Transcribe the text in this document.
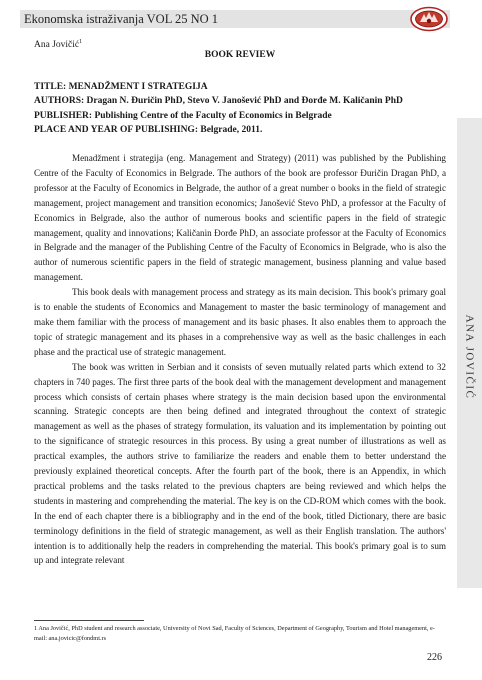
Ekonomska istraživanja VOL 25 NO 1
Ana Jovičić$^1$
BOOK REVIEW
TITLE: MENADŽMENT I STRATEGIJA
AUTHORS: Dragan N. Đuričin PhD, Stevo V. Janošević PhD and Đorđe M. Kaličanin PhD
PUBLISHER: Publishing Centre of the Faculty of Economics in Belgrade
PLACE AND YEAR OF PUBLISHING: Belgrade, 2011.

Menadžment i strategija (eng. Management and Strategy) (2011) was published by the Publishing Centre of the Faculty of Economics in Belgrade. The authors of the book are professor Đuričin Dragan PhD, a professor at the Faculty of Economics in Belgrade, the author of a great number o books in the field of strategic management, project management and transition economics; Janošević Stevo PhD, a professor at the Faculty of Economics in Belgrade, also the author of numerous books and scientific papers in the field of strategic management, quality and innovations; Kaličanin Đorđe PhD, an associate professor at the Faculty of Economics in Belgrade and the manager of the Publishing Centre of the Faculty of Economics in Belgrade, who is also the author of numerous scientific papers in the field of strategic management, business planning and value based management.

This book deals with management process and strategy as its main decision. This book's primary goal is to enable the students of Economics and Management to master the basic terminology of management and make them familiar with the process of management and its basic phases. It also enables them to approach the topic of strategic management and its phases in a comprehensive way as well as the basic challenges in each phase and the practical use of strategic management.

The book was written in Serbian and it consists of seven mutually related parts which extend to 32 chapters in 740 pages. The first three parts of the book deal with the management development and management process which consists of certain phases where strategy is the main decision based upon the environmental scanning. Strategic concepts are then being defined and integrated throughout the context of strategic management as well as the phases of strategy formulation, its valuation and its implementation by pointing out to the significance of strategic resources in this process. By using a great number of illustrations as well as practical examples, the authors strive to familiarize the readers and enable them to better understand the previously explained theoretical concepts. After the fourth part of the book, there is an Appendix, in which practical problems and the tasks related to the previous chapters are being reviewed and which helps the students in mastering and comprehending the material. The key is on the CD-ROM which comes with the book. In the end of each chapter there is a bibliography and in the end of the book, titled Dictionary, there are basic terminology definitions in the field of strategic management, as well as their English translation. The authors' intention is to additionally help the readers in comprehending the material. This book's primary goal is to sum up and integrate relevant

ANA JOVIČIĆ
1 Ana Jovičić, PhD student and research associate, University of Novi Sad, Faculty of Sciences, Department of Geography, Tourism and Hotel management, e-mail: ana.jovicic@fondmt.rs
226
